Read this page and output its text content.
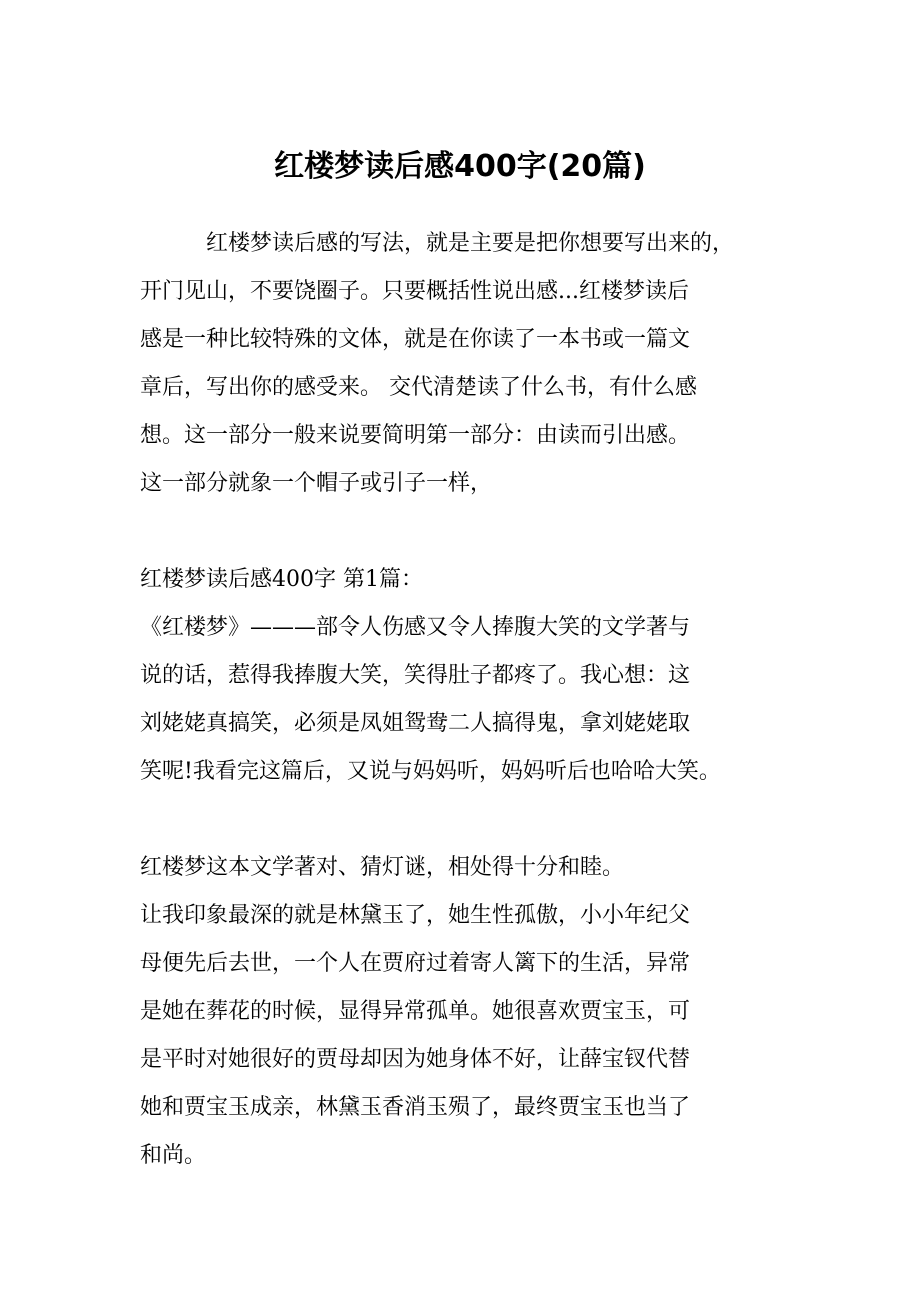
红楼梦读后感400字(20篇)

红楼梦读后感的写法，就是主要是把你想要写出来的，

开门见山，不要饶圈子。只要概括性说出感...红楼梦读后

感是一种比较特殊的文体，就是在你读了一本书或一篇文

章后，写出你的感受来。 交代清楚读了什么书，有什么感

想。这一部分一般来说要简明第一部分：由读而引出感。

这一部分就象一个帽子或引子一样，

红楼梦读后感400字 第1篇：

《红楼梦》———部令人伤感又令人捧腹大笑的文学著与

说的话，惹得我捧腹大笑，笑得肚子都疼了。我心想：这

刘姥姥真搞笑，必须是凤姐鸳鸯二人搞得鬼，拿刘姥姥取

笑呢!我看完这篇后，又说与妈妈听，妈妈听后也哈哈大笑。

红楼梦这本文学著对、猜灯谜，相处得十分和睦。

让我印象最深的就是林黛玉了，她生性孤傲，小小年纪父

母便先后去世，一个人在贾府过着寄人篱下的生活，异常

是她在葬花的时候，显得异常孤单。她很喜欢贾宝玉，可

是平时对她很好的贾母却因为她身体不好，让薛宝钗代替

她和贾宝玉成亲，林黛玉香消玉殒了，最终贾宝玉也当了

和尚。
